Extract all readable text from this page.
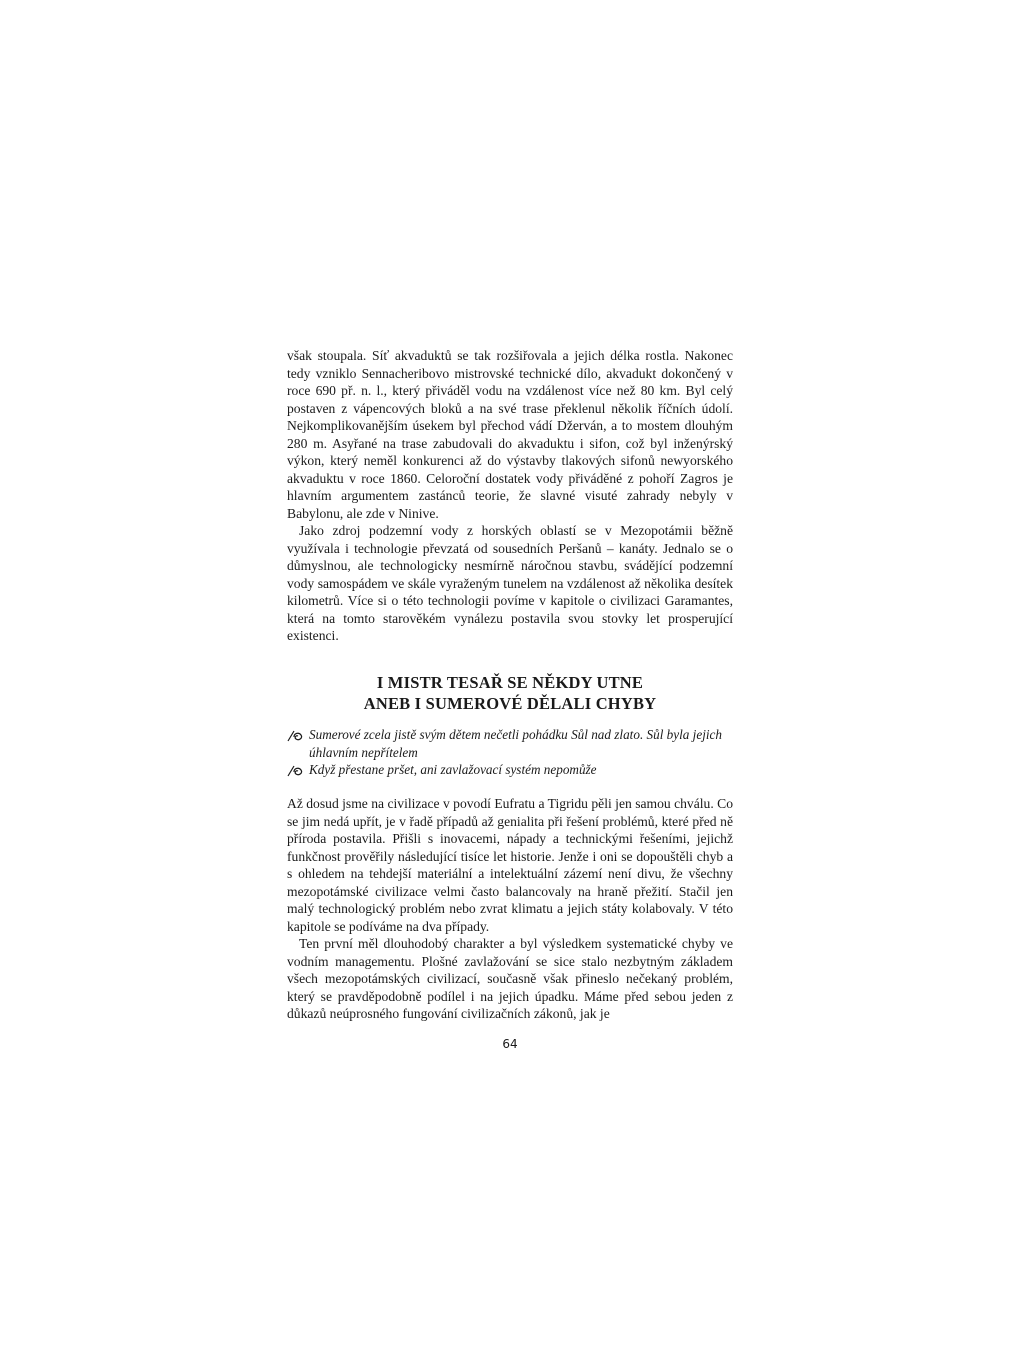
však stoupala. Síť akvaduktů se tak rozšiřovala a jejich délka rostla. Nakonec tedy vzniklo Sennacheribovo mistrovské technické dílo, akvadukt dokončený v roce 690 př. n. l., který přiváděl vodu na vzdálenost více než 80 km. Byl celý postaven z vápencových bloků a na své trase překlenul několik říčních údolí. Nejkomplikovanějším úsekem byl přechod vádí Džerván, a to mostem dlouhým 280 m. Asyřané na trase zabudovali do akvaduktu i sifon, což byl inženýrský výkon, který neměl konkurenci až do výstavby tlakových sifonů newyorského akvaduktu v roce 1860. Celoroční dostatek vody přiváděné z pohoří Zagros je hlavním argumentem zastánců teorie, že slavné visuté zahrady nebyly v Babylonu, ale zde v Ninive.

Jako zdroj podzemní vody z horských oblastí se v Mezopotámii běžně využívala i technologie převzatá od sousedních Peršanů – kanáty. Jednalo se o důmyslnou, ale technologicky nesmírně náročnou stavbu, svádějící podzemní vody samospádem ve skále vyraženým tunelem na vzdálenost až několika desítek kilometrů. Více si o této technologii povíme v kapitole o civilizaci Garamantes, která na tomto starověkém vynálezu postavila svou stovky let prosperující existenci.

I MISTR TESAŘ SE NĚKDY UTNE
ANEB I SUMEROVÉ DĚLALI CHYBY
Sumerové zcela jistě svým dětem nečetli pohádku Sůl nad zlato. Sůl byla jejich úhlavním nepřítelem
Když přestane pršet, ani zavlažovací systém nepomůže

Až dosud jsme na civilizace v povodí Eufratu a Tigridu pěli jen samou chválu. Co se jim nedá upřít, je v řadě případů až genialita při řešení problémů, které před ně příroda postavila. Přišli s inovacemi, nápady a technickými řešeními, jejichž funkčnost prověřily následující tisíce let historie. Jenže i oni se dopouštěli chyb a s ohledem na tehdejší materiální a intelektuální zázemí není divu, že všechny mezopotámské civilizace velmi často balancovaly na hraně přežití. Stačil jen malý technologický problém nebo zvrat klimatu a jejich státy kolabovaly. V této kapitole se podíváme na dva případy.

Ten první měl dlouhodobý charakter a byl výsledkem systematické chyby ve vodním managementu. Plošné zavlažování se sice stalo nezbytným základem všech mezopotámských civilizací, současně však přineslo nečekaný problém, který se pravděpodobně podílel i na jejich úpadku. Máme před sebou jeden z důkazů neúprosného fungování civilizačních zákonů, jak je

64
